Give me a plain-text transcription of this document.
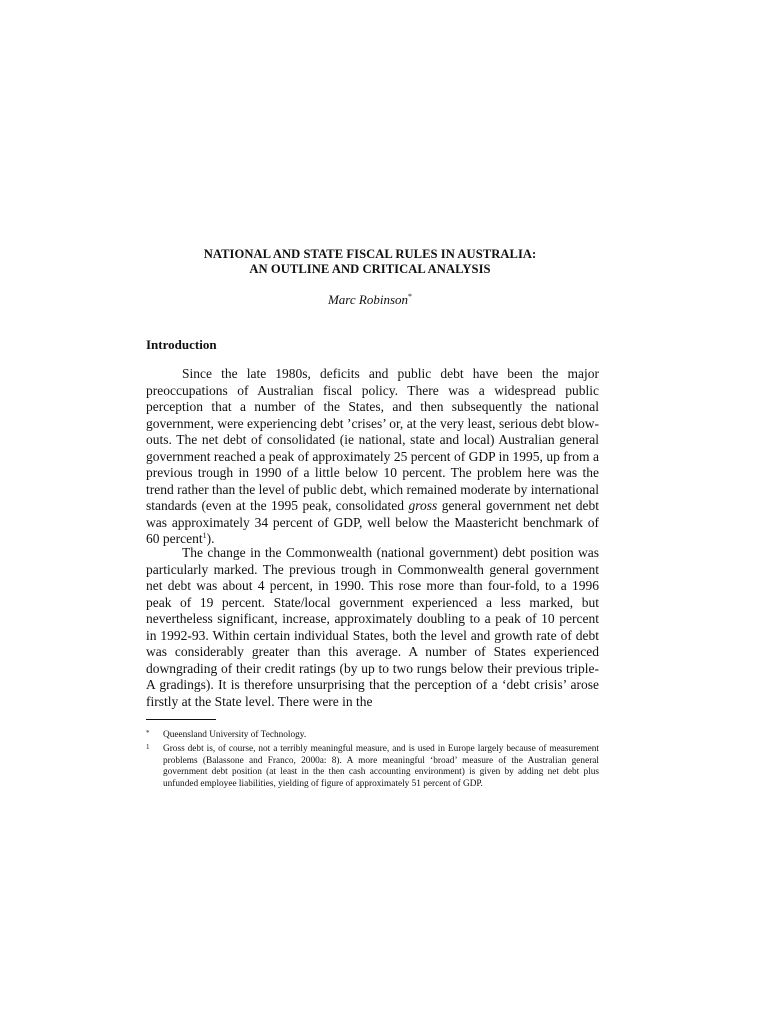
NATIONAL AND STATE FISCAL RULES IN AUSTRALIA:
AN OUTLINE AND CRITICAL ANALYSIS
Marc Robinson*
Introduction

Since the late 1980s, deficits and public debt have been the major preoccupations of Australian fiscal policy. There was a widespread public perception that a number of the States, and then subsequently the national government, were experiencing debt ’crises’ or, at the very least, serious debt blow-outs. The net debt of consolidated (ie national, state and local) Australian general government reached a peak of approximately 25 percent of GDP in 1995, up from a previous trough in 1990 of a little below 10 percent. The problem here was the trend rather than the level of public debt, which remained moderate by international standards (even at the 1995 peak, consolidated gross general government net debt was approximately 34 percent of GDP, well below the Maastericht benchmark of 60 percent$^1$).

The change in the Commonwealth (national government) debt position was particularly marked. The previous trough in Commonwealth general government net debt was about 4 percent, in 1990. This rose more than four-fold, to a 1996 peak of 19 percent. State/local government experienced a less marked, but nevertheless significant, increase, approximately doubling to a peak of 10 percent in 1992-93. Within certain individual States, both the level and growth rate of debt was considerably greater than this average. A number of States experienced downgrading of their credit ratings (by up to two rungs below their previous triple-A gradings). It is therefore unsurprising that the perception of a ‘debt crisis’ arose firstly at the State level. There were in the

* Queensland University of Technology.
1 Gross debt is, of course, not a terribly meaningful measure, and is used in Europe largely because of measurement problems (Balassone and Franco, 2000a: 8). A more meaningful ‘broad’ measure of the Australian general government debt position (at least in the then cash accounting environment) is given by adding net debt plus unfunded employee liabilities, yielding of figure of approximately 51 percent of GDP.
